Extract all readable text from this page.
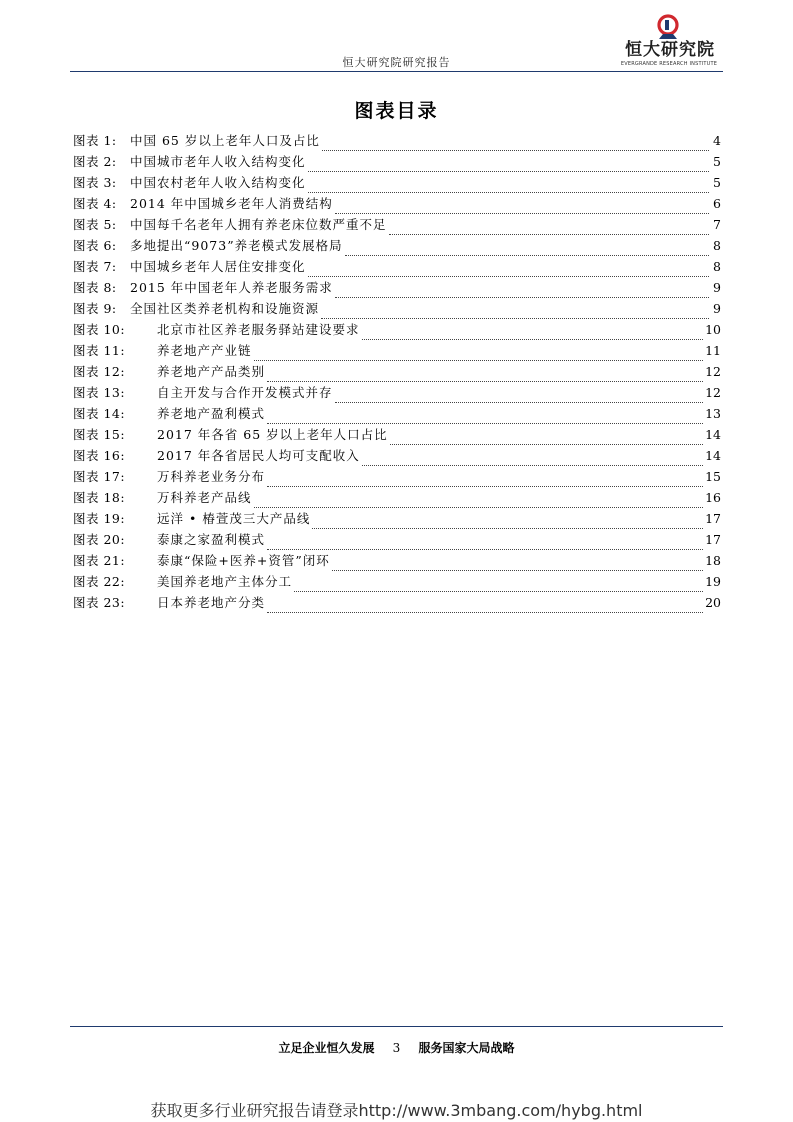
恒大研究院研究报告
恒大研究院
EVERGRANDE RESEARCH INSTITUTE
图表目录
图表 1:	中国 65 岁以上老年人口及占比	4
图表 2:	中国城市老年人收入结构变化	5
图表 3:	中国农村老年人收入结构变化	5
图表 4:	2014 年中国城乡老年人消费结构	6
图表 5:	中国每千名老年人拥有养老床位数严重不足	7
图表 6:	多地提出“9073”养老模式发展格局	8
图表 7:	中国城乡老年人居住安排变化	8
图表 8:	2015 年中国老年人养老服务需求	9
图表 9:	全国社区类养老机构和设施资源	9
图表 10:	北京市社区养老服务驿站建设要求	10
图表 11:	养老地产产业链	11
图表 12:	养老地产产品类别	12
图表 13:	自主开发与合作开发模式并存	12
图表 14:	养老地产盈利模式	13
图表 15:	2017 年各省 65 岁以上老年人口占比	14
图表 16:	2017 年各省居民人均可支配收入	14
图表 17:	万科养老业务分布	15
图表 18:	万科养老产品线	16
图表 19:	远洋 • 椿萱茂三大产品线	17
图表 20:	泰康之家盈利模式	17
图表 21:	泰康“保险+医养+资管”闭环	18
图表 22:	美国养老地产主体分工	19
图表 23:	日本养老地产分类	20
立足企业恒久发展 3 服务国家大局战略
获取更多行业研究报告请登录http://www.3mbang.com/hybg.html
